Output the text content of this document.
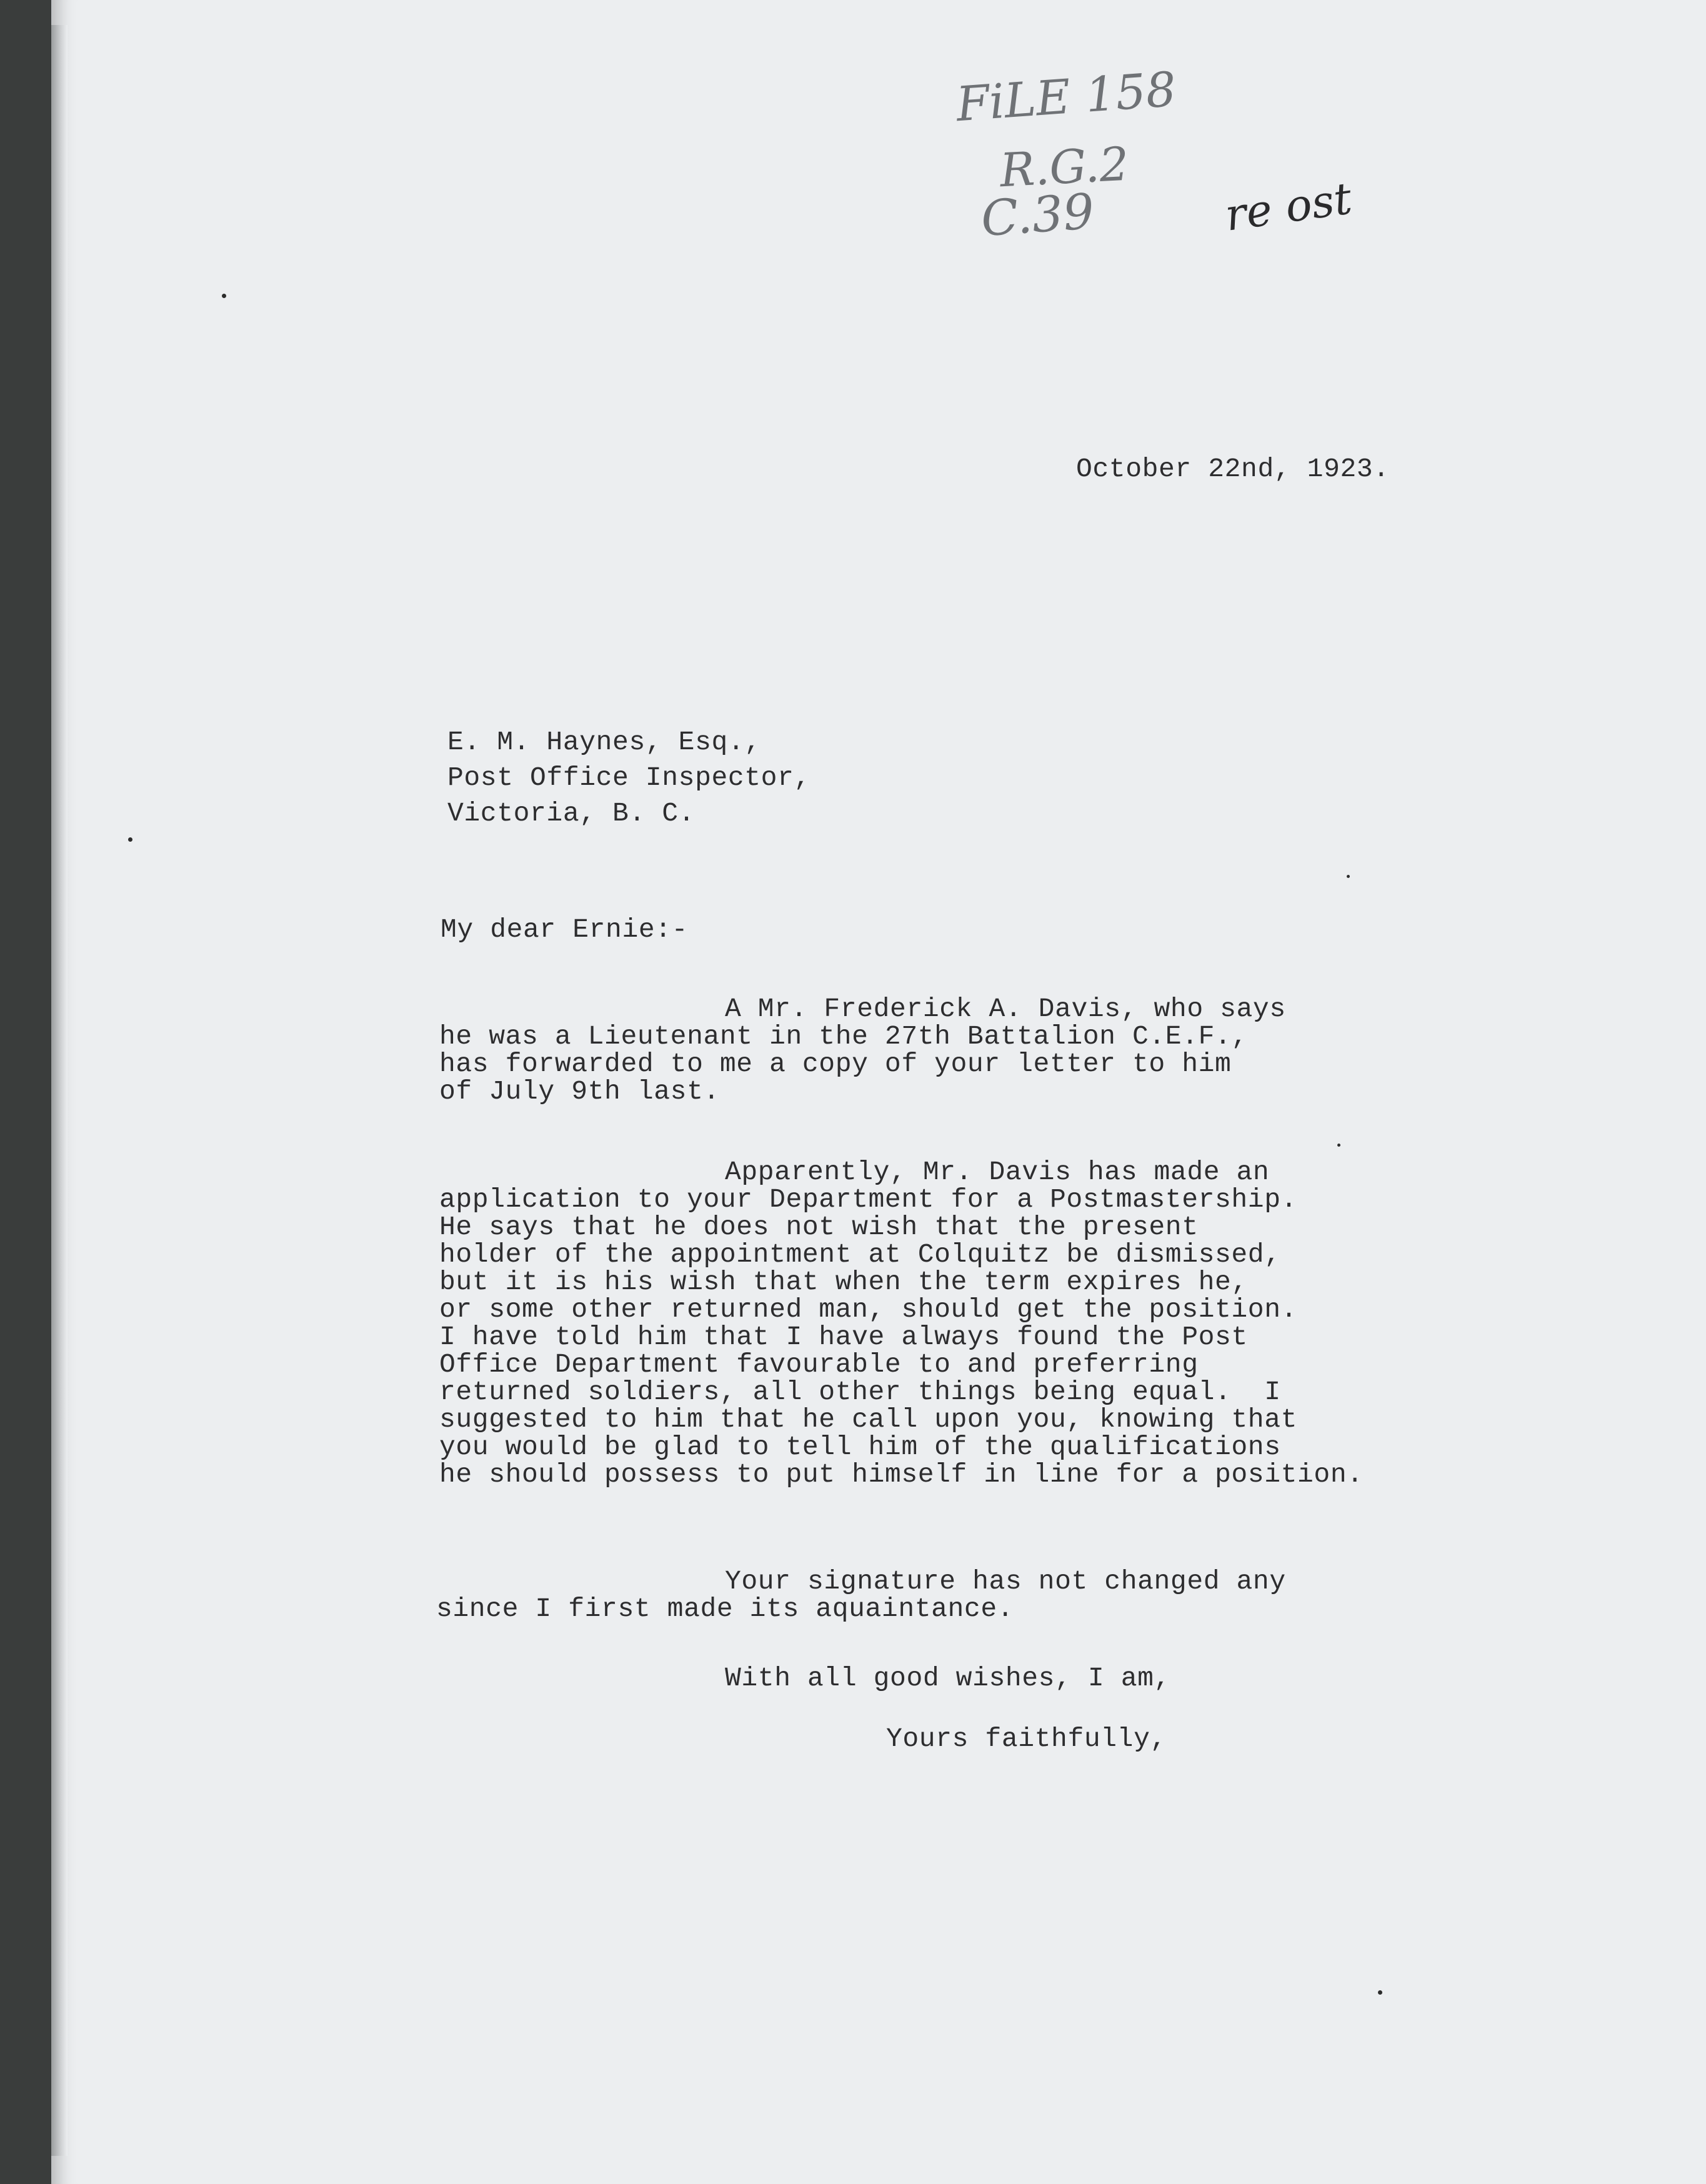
FiLE 158
R.G.2
C.39	re ost
October 22nd, 1923.
E. M. Haynes, Esq.,
Post Office Inspector,
Victoria, B. C.
My dear Ernie:-
A Mr. Frederick A. Davis, who says
he was a Lieutenant in the 27th Battalion C.E.F.,
has forwarded to me a copy of your letter to him
of July 9th last.
Apparently, Mr. Davis has made an
application to your Department for a Postmastership.
He says that he does not wish that the present
holder of the appointment at Colquitz be dismissed,
but it is his wish that when the term expires he,
or some other returned man, should get the position.
I have told him that I have always found the Post
Office Department favourable to and preferring
returned soldiers, all other things being equal.  I
suggested to him that he call upon you, knowing that
you would be glad to tell him of the qualifications
he should possess to put himself in line for a position.
Your signature has not changed any
since I first made its aquaintance.
With all good wishes, I am,
Yours faithfully,
